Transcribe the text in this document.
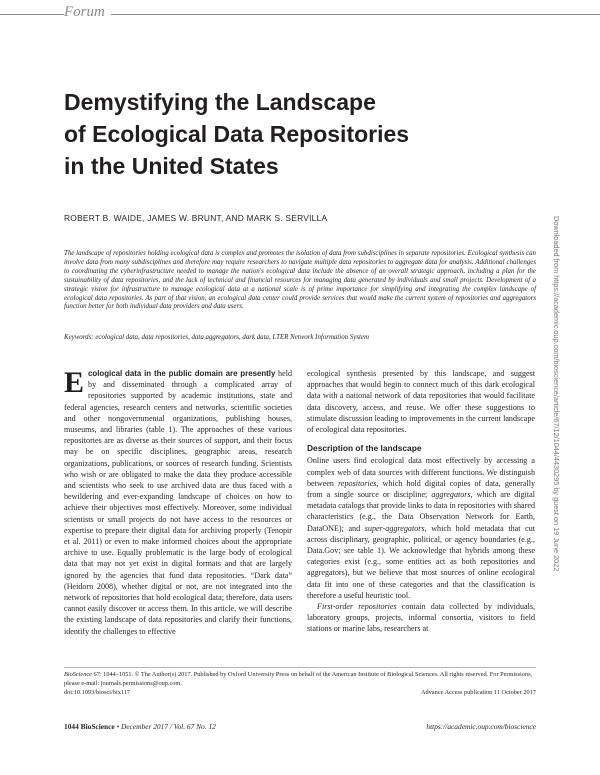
Forum
Demystifying the Landscape
of Ecological Data Repositories
in the United States
ROBERT B. WAIDE, JAMES W. BRUNT, AND MARK S. SERVILLA

The landscape of repositories holding ecological data is complex and promotes the isolation of data from subdisciplines in separate repositories. Ecological synthesis can involve data from many subdisciplines and therefore may require researchers to navigate multiple data repositories to aggregate data for analysis. Additional challenges to coordinating the cyberinfrastructure needed to manage the nation's ecological data include the absence of an overall strategic approach, including a plan for the sustainability of data repositories, and the lack of technical and financial resources for managing data generated by individuals and small projects. Development of a strategic vision for infrastructure to manage ecological data at a national scale is of prime importance for simplifying and integrating the complex landscape of ecological data repositories. As part of that vision, an ecological data center could provide services that would make the current system of repositories and aggregators function better for both individual data providers and data users.

Keywords: ecological data, data repositories, data aggregators, dark data, LTER Network Information System

Ecological data in the public domain are presently held by and disseminated through a complicated array of repositories supported by academic institutions, state and federal agencies, research centers and networks, scientific societies and other nongovernmental organizations, publishing houses, museums, and libraries (table 1). The approaches of these various repositories are as diverse as their sources of support, and their focus may be on specific disciplines, geographic areas, research organizations, publications, or sources of research funding. Scientists who wish or are obligated to make the data they produce accessible and scientists who seek to use archived data are thus faced with a bewildering and ever-expanding landscape of choices on how to achieve their objectives most effectively. Moreover, some individual scientists or small projects do not have access to the resources or expertise to prepare their digital data for archiving properly (Tenopir et al. 2011) or even to make informed choices about the appropriate archive to use. Equally problematic is the large body of ecological data that may not yet exist in digital formats and that are largely ignored by the agencies that fund data repositories. “Dark data” (Heidorn 2008), whether digital or not, are not integrated into the network of repositories that hold ecological data; therefore, data users cannot easily discover or access them. In this article, we will describe the existing landscape of data repositories and clarify their functions, identify the challenges to effective

ecological synthesis presented by this landscape, and suggest approaches that would begin to connect much of this dark ecological data with a national network of data repositories that would facilitate data discovery, access, and reuse. We offer these suggestions to stimulate discussion leading to improvements in the current landscape of ecological data repositories.

Description of the landscape

Online users find ecological data most effectively by accessing a complex web of data sources with different functions. We distinguish between repositories, which hold digital copies of data, generally from a single source or discipline; aggregators, which are digital metadata catalogs that provide links to data in repositories with shared characteristics (e.g., the Data Observation Network for Earth, DataONE); and super-aggregators, which hold metadata that cut across disciplinary, geographic, political, or agency boundaries (e.g., Data.Gov; see table 1). We acknowledge that hybrids among these categories exist (e.g., some entities act as both repositories and aggregators), but we believe that most sources of online ecological data fit into one of these categories and that the classification is therefore a useful heuristic tool.

First-order repositories contain data collected by individuals, laboratory groups, projects, informal consortia, visitors to field stations or marine labs, researchers at

BioScience 67: 1044–1051. © The Author(s) 2017. Published by Oxford University Press on behalf of the American Institute of Biological Sciences. All rights reserved. For Permissions, please e-mail: journals.permissions@oup.com.

doi:10.1093/biosci/bix117	Advance Access publication 11 October 2017
1044 BioScience • December 2017 / Vol. 67 No. 12	https://academic.oup.com/bioscience
Downloaded from https://academic.oup.com/bioscience/article/67/12/1044/4430295 by guest on 19 June 2022
